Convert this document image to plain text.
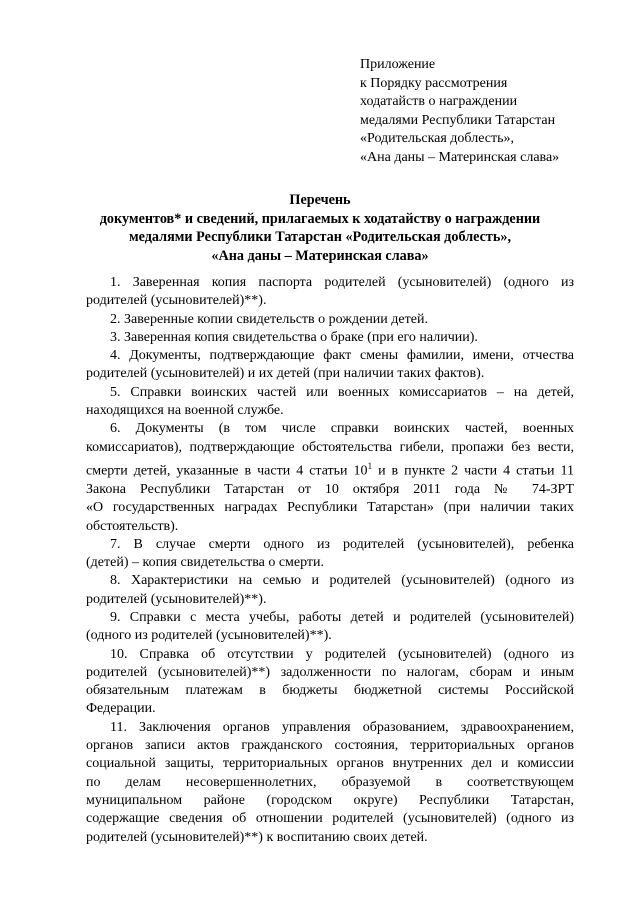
Приложение
к Порядку рассмотрения
ходатайств о награждении
медалями Республики Татарстан
«Родительская доблесть»,
«Ана даны – Материнская слава»
Перечень
документов* и сведений, прилагаемых к ходатайству о награждении
медалями Республики Татарстан «Родительская доблесть»,
«Ана даны – Материнская слава»
1. Заверенная копия паспорта родителей (усыновителей) (одного из
родителей (усыновителей)**).
2. Заверенные копии свидетельств о рождении детей.
3. Заверенная копия свидетельства о браке (при его наличии).
4. Документы, подтверждающие факт смены фамилии, имени, отчества
родителей (усыновителей) и их детей (при наличии таких фактов).
5. Справки воинских частей или военных комиссариатов – на детей,
находящихся на военной службе.
6. Документы (в том числе справки воинских частей, военных
комиссариатов), подтверждающие обстоятельства гибели, пропажи без вести,
смерти детей, указанные в части 4 статьи $10^1$ и в пункте 2 части 4 статьи 11
Закона Республики Татарстан от 10 октября 2011 года № 74-ЗРТ
«О государственных наградах Республики Татарстан» (при наличии таких
обстоятельств).
7. В случае смерти одного из родителей (усыновителей), ребенка
(детей) – копия свидетельства о смерти.
8. Характеристики на семью и родителей (усыновителей) (одного из
родителей (усыновителей)**).
9. Справки с места учебы, работы детей и родителей (усыновителей)
(одного из родителей (усыновителей)**).
10. Справка об отсутствии у родителей (усыновителей) (одного из
родителей (усыновителей)**) задолженности по налогам, сборам и иным
обязательным платежам в бюджеты бюджетной системы Российской
Федерации.
11. Заключения органов управления образованием, здравоохранением,
органов записи актов гражданского состояния, территориальных органов
социальной защиты, территориальных органов внутренних дел и комиссии
по делам несовершеннолетних, образуемой в соответствующем
муниципальном районе (городском округе) Республики Татарстан,
содержащие сведения об отношении родителей (усыновителей) (одного из
родителей (усыновителей)**) к воспитанию своих детей.
